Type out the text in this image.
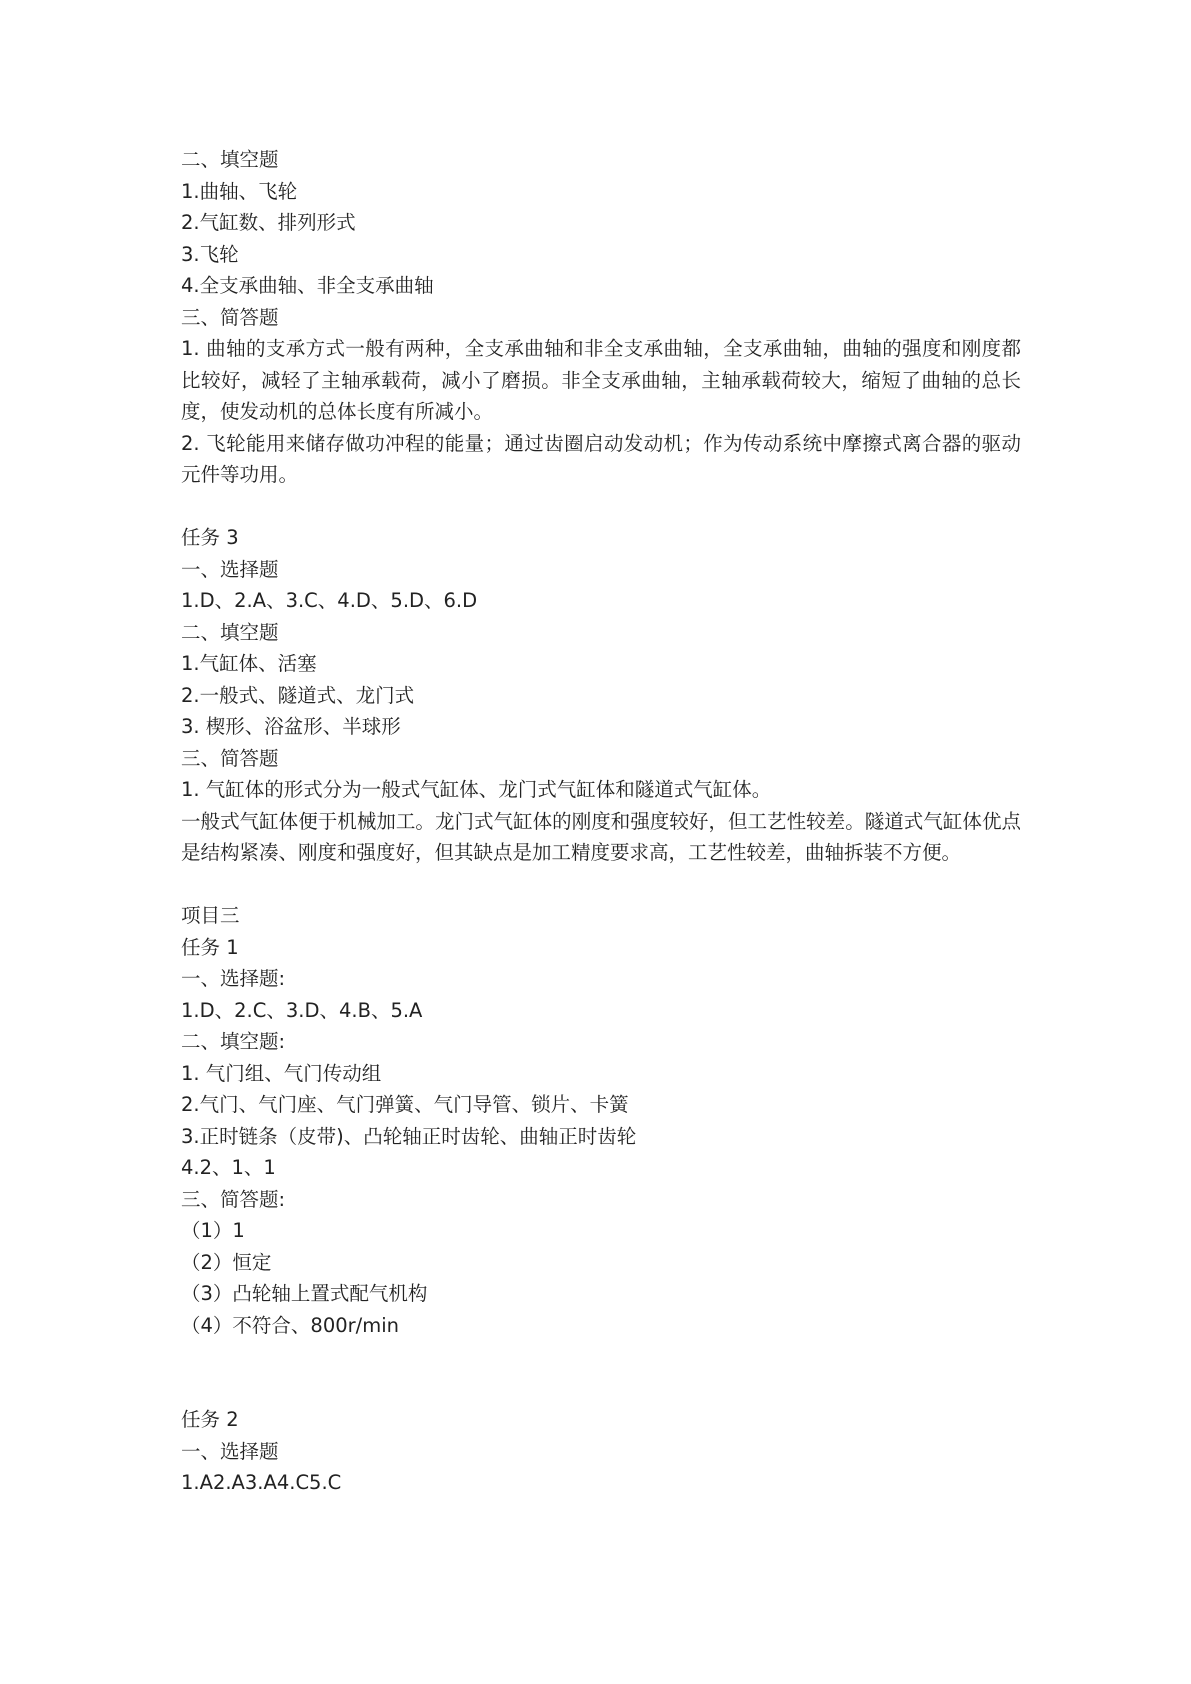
二、填空题

1.曲轴、飞轮

2.气缸数、排列形式

3.飞轮

4.全支承曲轴、非全支承曲轴

三、简答题

1. 曲轴的支承方式一般有两种，全支承曲轴和非全支承曲轴，全支承曲轴，曲轴的强度和刚度都比较好，减轻了主轴承载荷，减小了磨损。非全支承曲轴，主轴承载荷较大，缩短了曲轴的总长度，使发动机的总体长度有所减小。

2. 飞轮能用来储存做功冲程的能量；通过齿圈启动发动机；作为传动系统中摩擦式离合器的驱动元件等功用。

任务 3

一、选择题

1.D、2.A、3.C、4.D、5.D、6.D

二、填空题

1.气缸体、活塞

2.一般式、隧道式、龙门式

3. 楔形、浴盆形、半球形

三、简答题

1. 气缸体的形式分为一般式气缸体、龙门式气缸体和隧道式气缸体。

一般式气缸体便于机械加工。龙门式气缸体的刚度和强度较好，但工艺性较差。隧道式气缸体优点是结构紧凑、刚度和强度好，但其缺点是加工精度要求高，工艺性较差，曲轴拆装不方便。

项目三

任务 1

一、选择题:

1.D、2.C、3.D、4.B、5.A

二、填空题:

1. 气门组、气门传动组

2.气门、气门座、气门弹簧、气门导管、锁片、卡簧

3.正时链条（皮带)、凸轮轴正时齿轮、曲轴正时齿轮

4.2、1、1

三、简答题:

（1）1

（2）恒定

（3）凸轮轴上置式配气机构

（4）不符合、800r/min

任务 2

一、选择题

1.A2.A3.A4.C5.C
